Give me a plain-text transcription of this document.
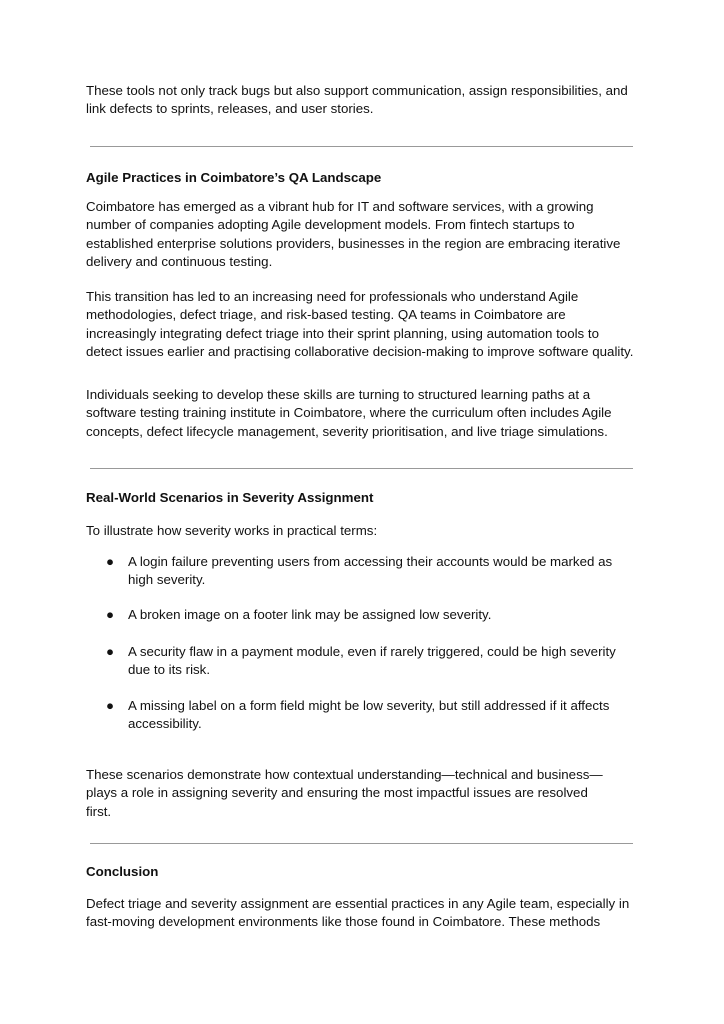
These tools not only track bugs but also support communication, assign responsibilities, and link defects to sprints, releases, and user stories.

Agile Practices in Coimbatore’s QA Landscape

Coimbatore has emerged as a vibrant hub for IT and software services, with a growing number of companies adopting Agile development models. From fintech startups to established enterprise solutions providers, businesses in the region are embracing iterative delivery and continuous testing.

This transition has led to an increasing need for professionals who understand Agile methodologies, defect triage, and risk-based testing. QA teams in Coimbatore are increasingly integrating defect triage into their sprint planning, using automation tools to detect issues earlier and practising collaborative decision-making to improve software quality.

Individuals seeking to develop these skills are turning to structured learning paths at a software testing training institute in Coimbatore, where the curriculum often includes Agile concepts, defect lifecycle management, severity prioritisation, and live triage simulations.

Real-World Scenarios in Severity Assignment

To illustrate how severity works in practical terms:

● A login failure preventing users from accessing their accounts would be marked as high severity.
● A broken image on a footer link may be assigned low severity.
● A security flaw in a payment module, even if rarely triggered, could be high severity due to its risk.
● A missing label on a form field might be low severity, but still addressed if it affects accessibility.

These scenarios demonstrate how contextual understanding—technical and business—plays a role in assigning severity and ensuring the most impactful issues are resolved first.

Conclusion

Defect triage and severity assignment are essential practices in any Agile team, especially in fast-moving development environments like those found in Coimbatore. These methods
